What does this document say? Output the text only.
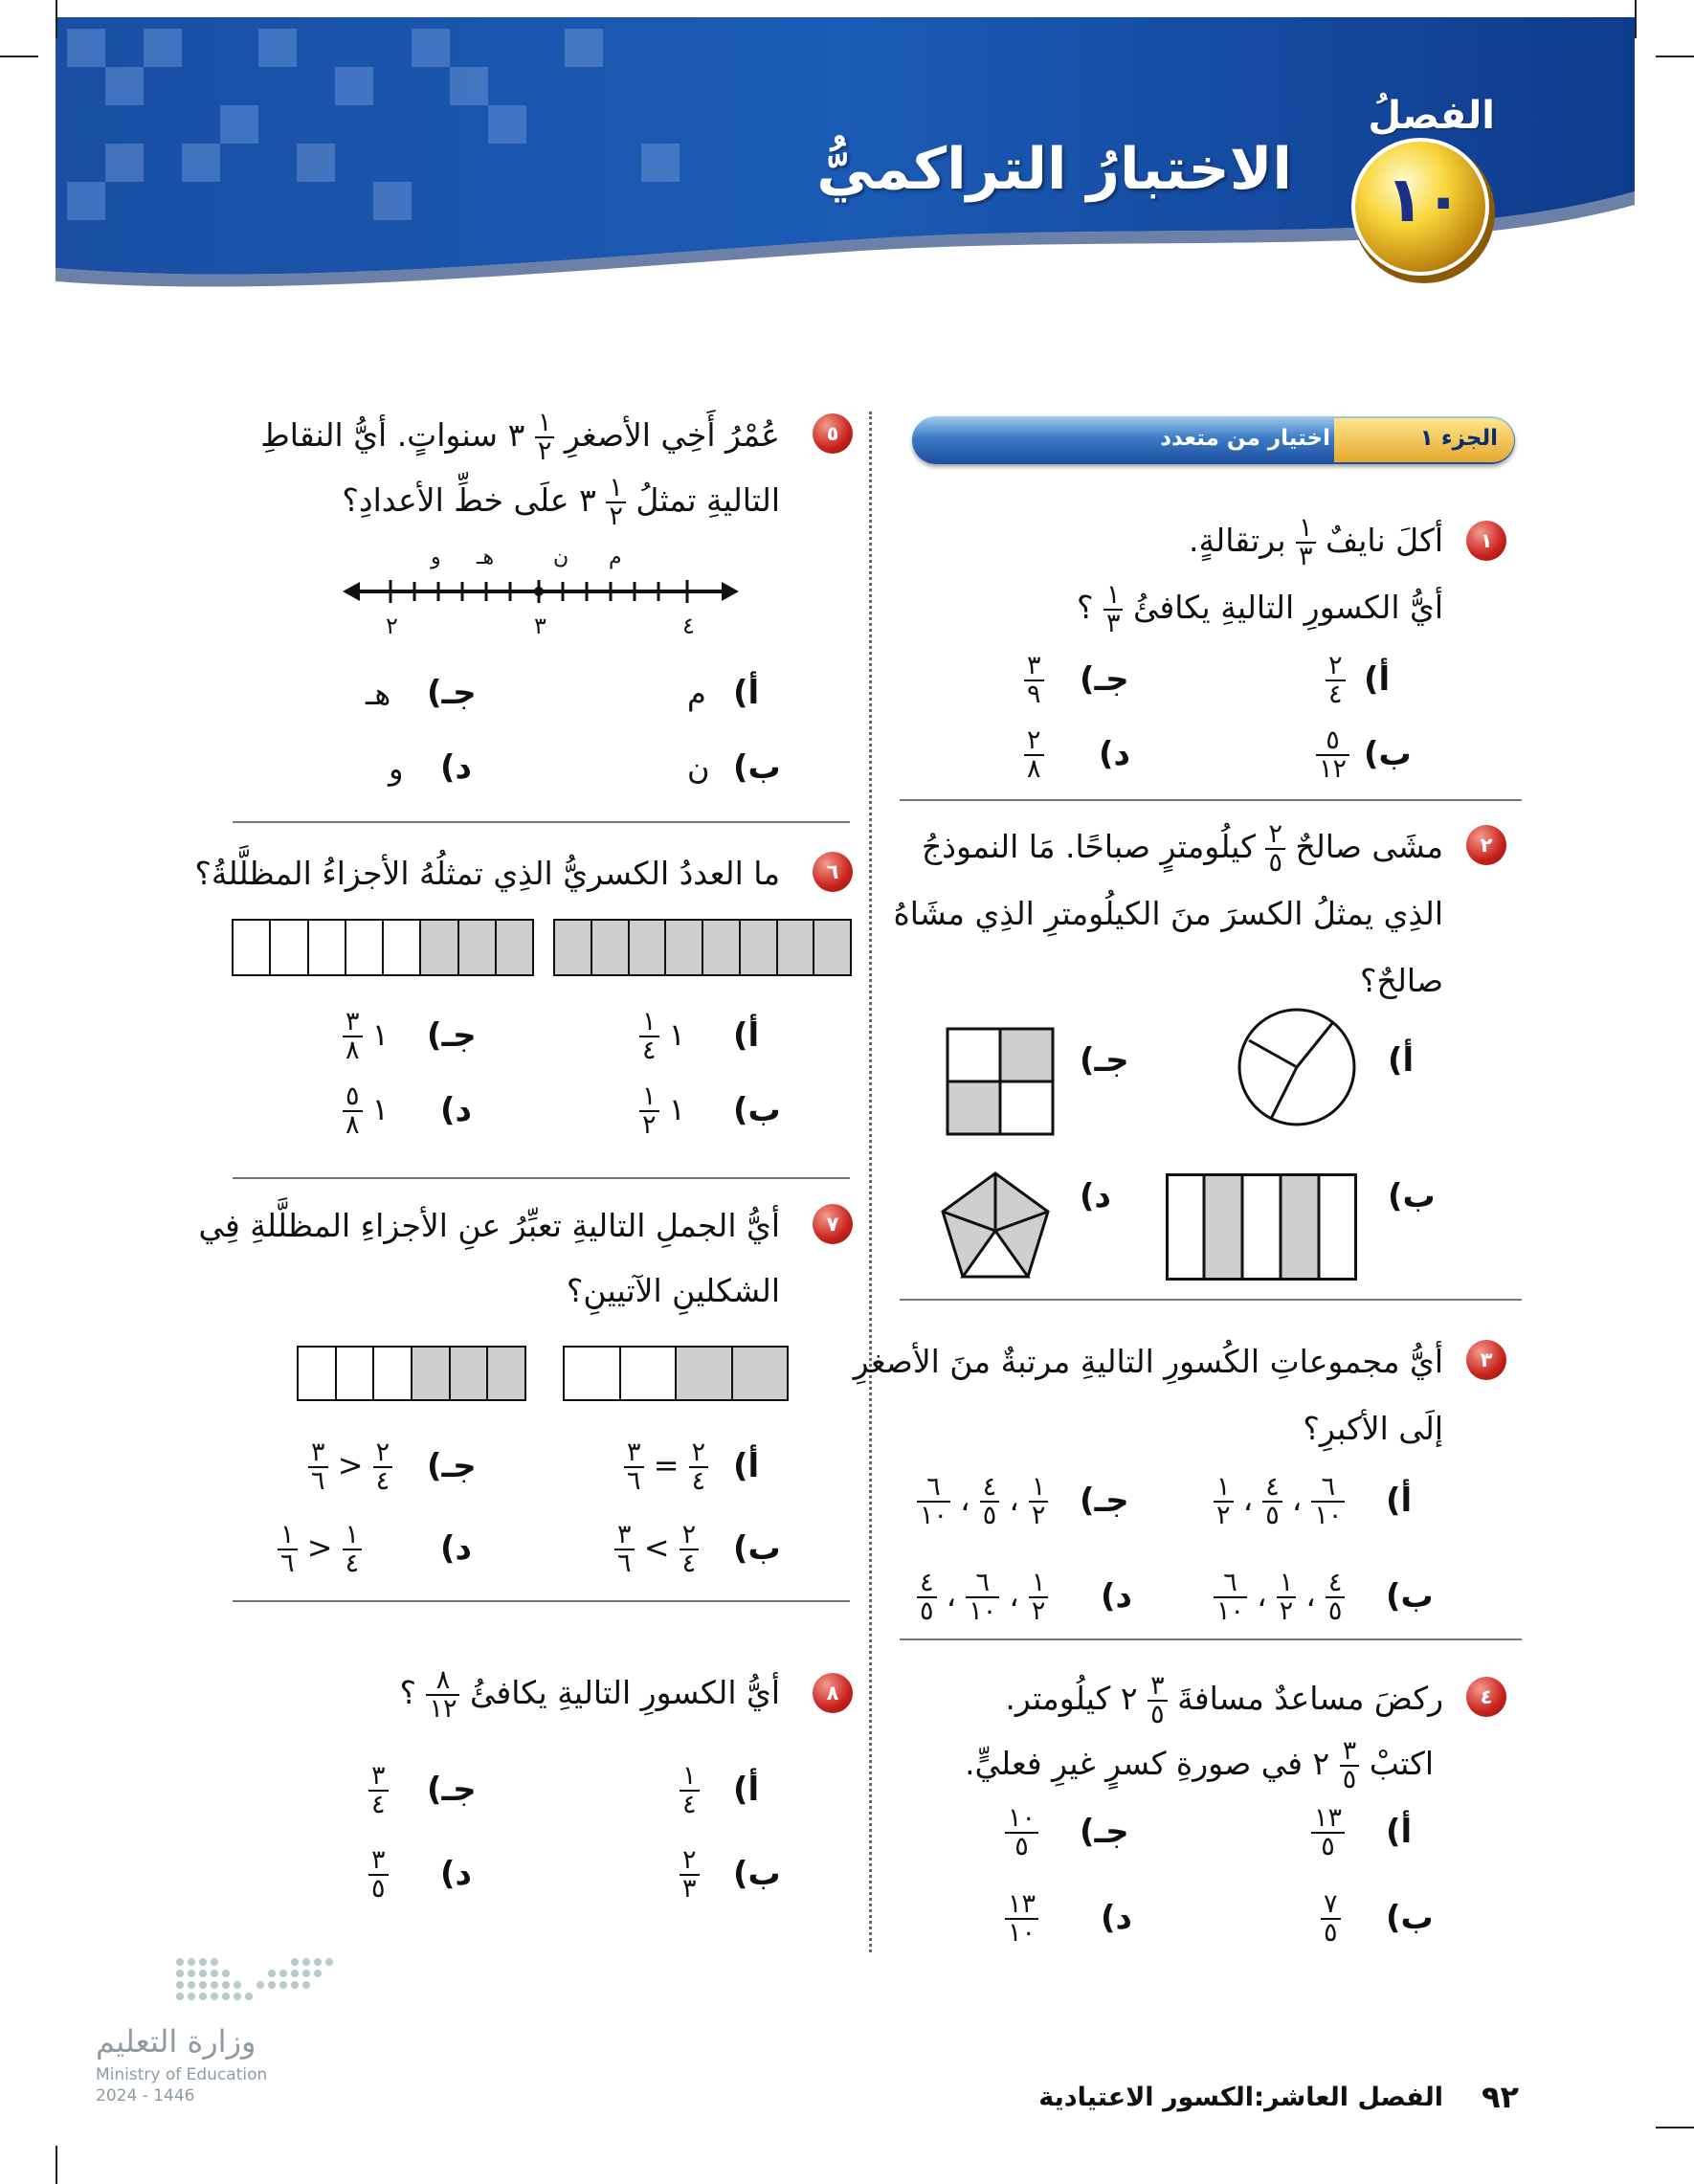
الفصلُ
١٠
الاختبارُ التراكميُّ
الجزء ١
اختيار من متعدد
١
أكلَ نايفٌ
$\frac{١}{٣}$
برتقالةٍ.
أيُّ الكسورِ التاليةِ يكافئُ
$\frac{١}{٣}$
؟
أ)
$\frac{٢}{٤}$
ب)
$\frac{٥}{١٢}$
جـ)
$\frac{٣}{٩}$
د)
$\frac{٢}{٨}$
٢
مشَى صالحٌ
$\frac{٢}{٥}$
كيلُومترٍ صباحًا. مَا النموذجُ
الذِي يمثلُ الكسرَ منَ الكيلُومترِ الذِي مشَاهُ
صالحٌ؟
أ)
جـ)
ب)
د)
٣
أيُّ مجموعاتِ الكُسورِ التاليةِ مرتبةٌ منَ الأصغرِ
إلَى الأكبرِ؟
أ)
$\frac{٦}{١٠}$
،
$\frac{٤}{٥}$
،
$\frac{١}{٢}$
ب)
$\frac{٤}{٥}$
،
$\frac{١}{٢}$
،
$\frac{٦}{١٠}$
جـ)
$\frac{١}{٢}$
،
$\frac{٤}{٥}$
،
$\frac{٦}{١٠}$
د)
$\frac{١}{٢}$
،
$\frac{٦}{١٠}$
،
$\frac{٤}{٥}$
٤
ركضَ مساعدٌ مسافةَ
$\frac{٣}{٥}$
٢ كيلُومتر.
اكتبْ
$\frac{٣}{٥}$
٢ في صورةِ كسرٍ غيرِ فعليٍّ.
أ)
$\frac{١٣}{٥}$
ب)
$\frac{٧}{٥}$
جـ)
$\frac{١٠}{٥}$
د)
$\frac{١٣}{١٠}$
٥
عُمْرُ أَخِي الأصغرِ
$\frac{١}{٢}$
٣ سنواتٍ. أيُّ النقاطِ
التاليةِ تمثلُ
$\frac{١}{٢}$
٣ علَى خطِّ الأعدادِ؟
و هـ	ن م
٢	٣	٤
أ)
م
ب)
ن
جـ)
هـ
د)
و
٦
ما العددُ الكسريُّ الذِي تمثلُهُ الأجزاءُ المظلَّلةُ؟
أ)
١
$\frac{١}{٤}$
ب)
١
$\frac{١}{٢}$
جـ)
١
$\frac{٣}{٨}$
د)
١
$\frac{٥}{٨}$
٧
أيُّ الجملِ التاليةِ تعبِّرُ عنِ الأجزاءِ المظلَّلةِ فِي
الشكلينِ الآتيينِ؟
أ)
$\frac{٣}{٦} = \frac{٢}{٤}$
ب)
$\frac{٣}{٦} < \frac{٢}{٤}$
جـ)
$\frac{٣}{٦} > \frac{٢}{٤}$
د)
$\frac{١}{٦} > \frac{١}{٤}$
٨
أيُّ الكسورِ التاليةِ يكافئُ
$\frac{٨}{١٢}$
؟
أ)
$\frac{١}{٤}$
ب)
$\frac{٢}{٣}$
جـ)
$\frac{٣}{٤}$
د)
$\frac{٣}{٥}$
وزارة التعليم
Ministry of Education
2024 - 1446	٩٢
الفصل العاشر:
الكسور الاعتيادية
